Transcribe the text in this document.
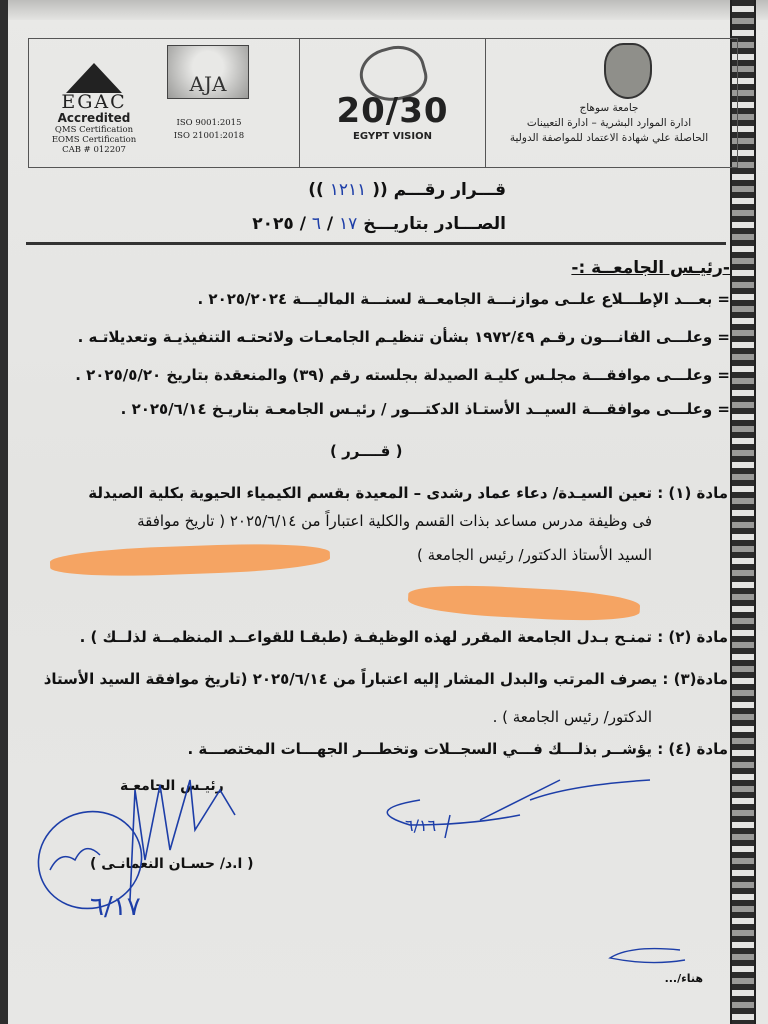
EGAC
Accredited
QMS Certification
EOMS Certification
CAB # 012207
AJA
ISO 9001:2015
ISO 21001:2018
20/30
EGYPT VISION
جامعة سوهاج
ادارة الموارد البشرية – ادارة التعيينات
الحاصلة علي شهادة الاعتماد للمواصفة الدولية
قـــرار رقـــم (( ١٢١١ ))
الصـــادر بتاريـــخ ١٧ / ٦ / ٢٠٢٥
-رئيـس الجامعــة :-
= بعـــد الإطـــلاع علــى موازنـــة الجامعــة لسنـــة الماليـــة ٢٠٢٥/٢٠٢٤ .
= وعلـــى القانـــون رقـم ١٩٧٢/٤٩ بشأن تنظيـم الجامعـات ولائحتـه التنفيذيـة وتعديلاتـه .
= وعلـــى موافقـــة مجلـس كليـة الصيدلة بجلسته رقم (٣٩) والمنعقدة بتاريخ ٢٠٢٥/٥/٢٠ .
= وعلـــى موافقـــة السيــد الأستـاذ الدكتـــور / رئيـس الجامعـة بتاريـخ ٢٠٢٥/٦/١٤ .
( قــــرر )
مادة (١) : تعين السيـدة/ دعاء عماد رشدى – المعيدة بقسم الكيمياء الحيوية بكلية الصيدلة
فى وظيفة مدرس مساعد بذات القسم والكلية اعتباراً من ٢٠٢٥/٦/١٤ ( تاريخ موافقة
السيد الأستاذ الدكتور/ رئيس الجامعة )
مادة (٢) : تمنـح بـدل الجامعة المقرر لهذه الوظيفـة (طبقـا للقواعــد المنظمــة لذلــك ) .
مادة(٣) : يصرف المرتب والبدل المشار إليه اعتباراً من ٢٠٢٥/٦/١٤ (تاريخ موافقة السيد الأستاذ
الدكتور/ رئيس الجامعة ) .
مادة (٤) : يؤشــر بذلـــك فـــي السجــلات وتخطـــر الجهـــات المختصـــة .
رئيـس الجامعـة
( ا.د/ حسـان النعمانـى )
٦/١٧
٦/١٦
هناء/...
